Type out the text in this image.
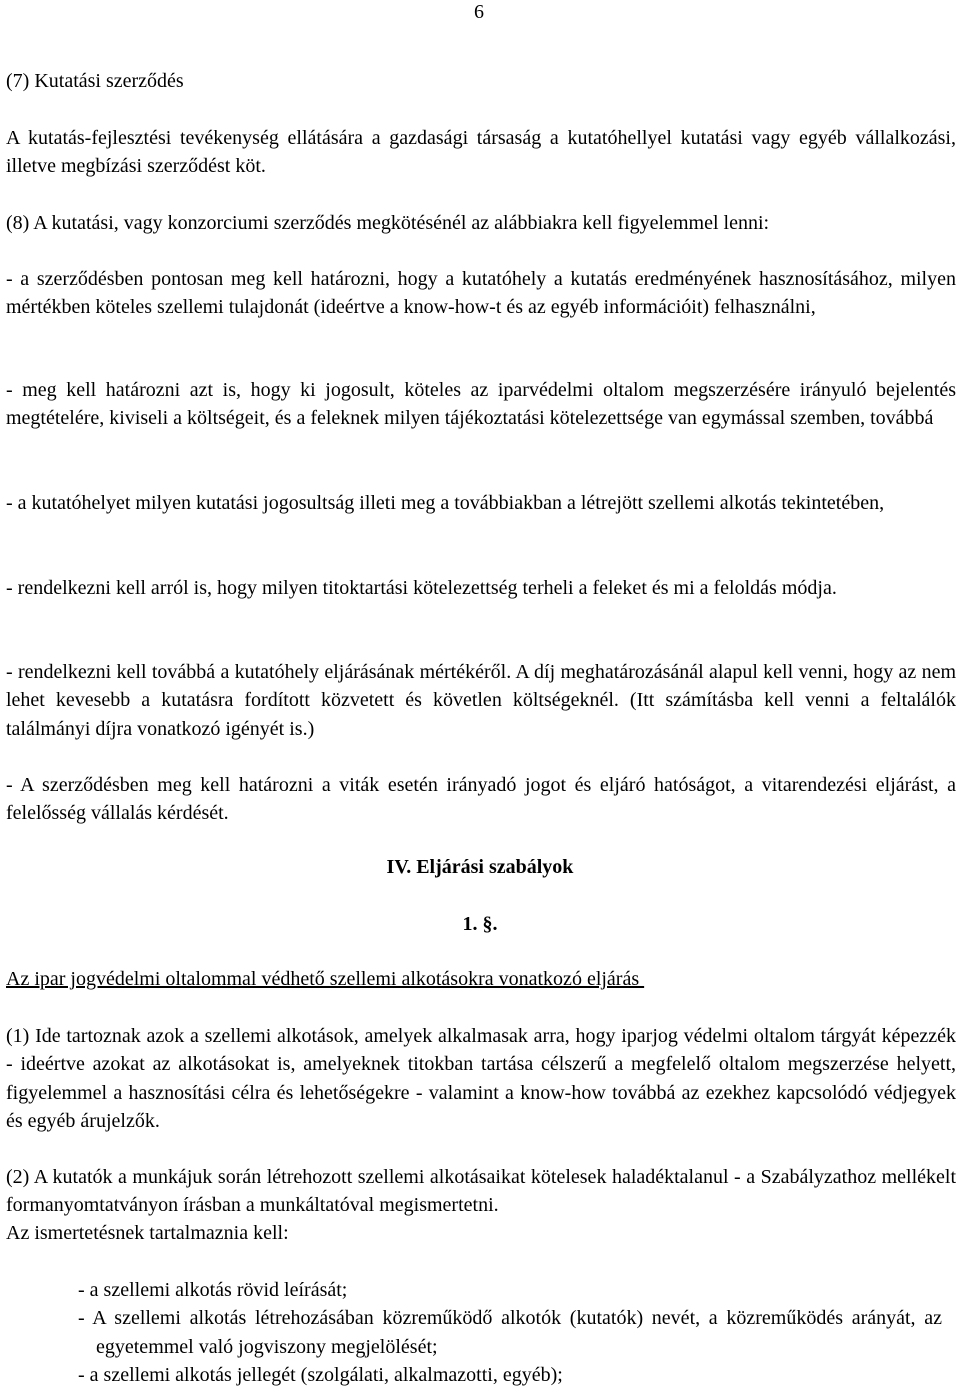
6

(7) Kutatási szerződés

A kutatás-fejlesztési tevékenység ellátására a gazdasági társaság a kutatóhellyel kutatási vagy egyéb vállalkozási, illetve megbízási szerződést köt.

(8) A kutatási, vagy konzorciumi szerződés megkötésénél az alábbiakra kell figyelemmel lenni:

- a szerződésben pontosan meg kell határozni, hogy a kutatóhely a kutatás eredményének hasznosításához, milyen mértékben köteles szellemi tulajdonát (ideértve a know-how-t és az egyéb információit) felhasználni,

- meg kell határozni azt is, hogy ki jogosult, köteles az iparvédelmi oltalom megszerzésére irányuló bejelentés megtételére, kiviseli a költségeit, és a feleknek milyen tájékoztatási kötelezettsége van egymással szemben, továbbá

- a kutatóhelyet milyen kutatási jogosultság illeti meg a továbbiakban a létrejött szellemi alkotás tekintetében,

- rendelkezni kell arról is, hogy milyen titoktartási kötelezettség terheli a feleket és mi a feloldás módja.

- rendelkezni kell továbbá a kutatóhely eljárásának mértékéről. A díj meghatározásánál alapul kell venni, hogy az nem lehet kevesebb a kutatásra fordított közvetett és követlen költségeknél. (Itt számításba kell venni a feltalálók találmányi díjra vonatkozó igényét is.)

- A szerződésben meg kell határozni a viták esetén irányadó jogot és eljáró hatóságot, a vitarendezési eljárást, a felelősség vállalás kérdését.

IV. Eljárási szabályok

1. §.

Az ipar jogvédelmi oltalommal védhető szellemi alkotásokra vonatkozó eljárás

(1) Ide tartoznak azok a szellemi alkotások, amelyek alkalmasak arra, hogy iparjog védelmi oltalom tárgyát képezzék - ideértve azokat az alkotásokat is, amelyeknek titokban tartása célszerű a megfelelő oltalom megszerzése helyett, figyelemmel a hasznosítási célra és lehetőségekre - valamint a know-how továbbá az ezekhez kapcsolódó védjegyek és egyéb árujelzők.

(2) A kutatók a munkájuk során létrehozott szellemi alkotásaikat kötelesek haladéktalanul - a Szabályzathoz mellékelt formanyomtatványon írásban a munkáltatóval megismertetni.

Az ismertetésnek tartalmaznia kell:

- a szellemi alkotás rövid leírását;
- A szellemi alkotás létrehozásában közreműködő alkotók (kutatók) nevét, a közreműködés arányát, az egyetemmel való jogviszony megjelölését;
- a szellemi alkotás jellegét (szolgálati, alkalmazotti, egyéb);
